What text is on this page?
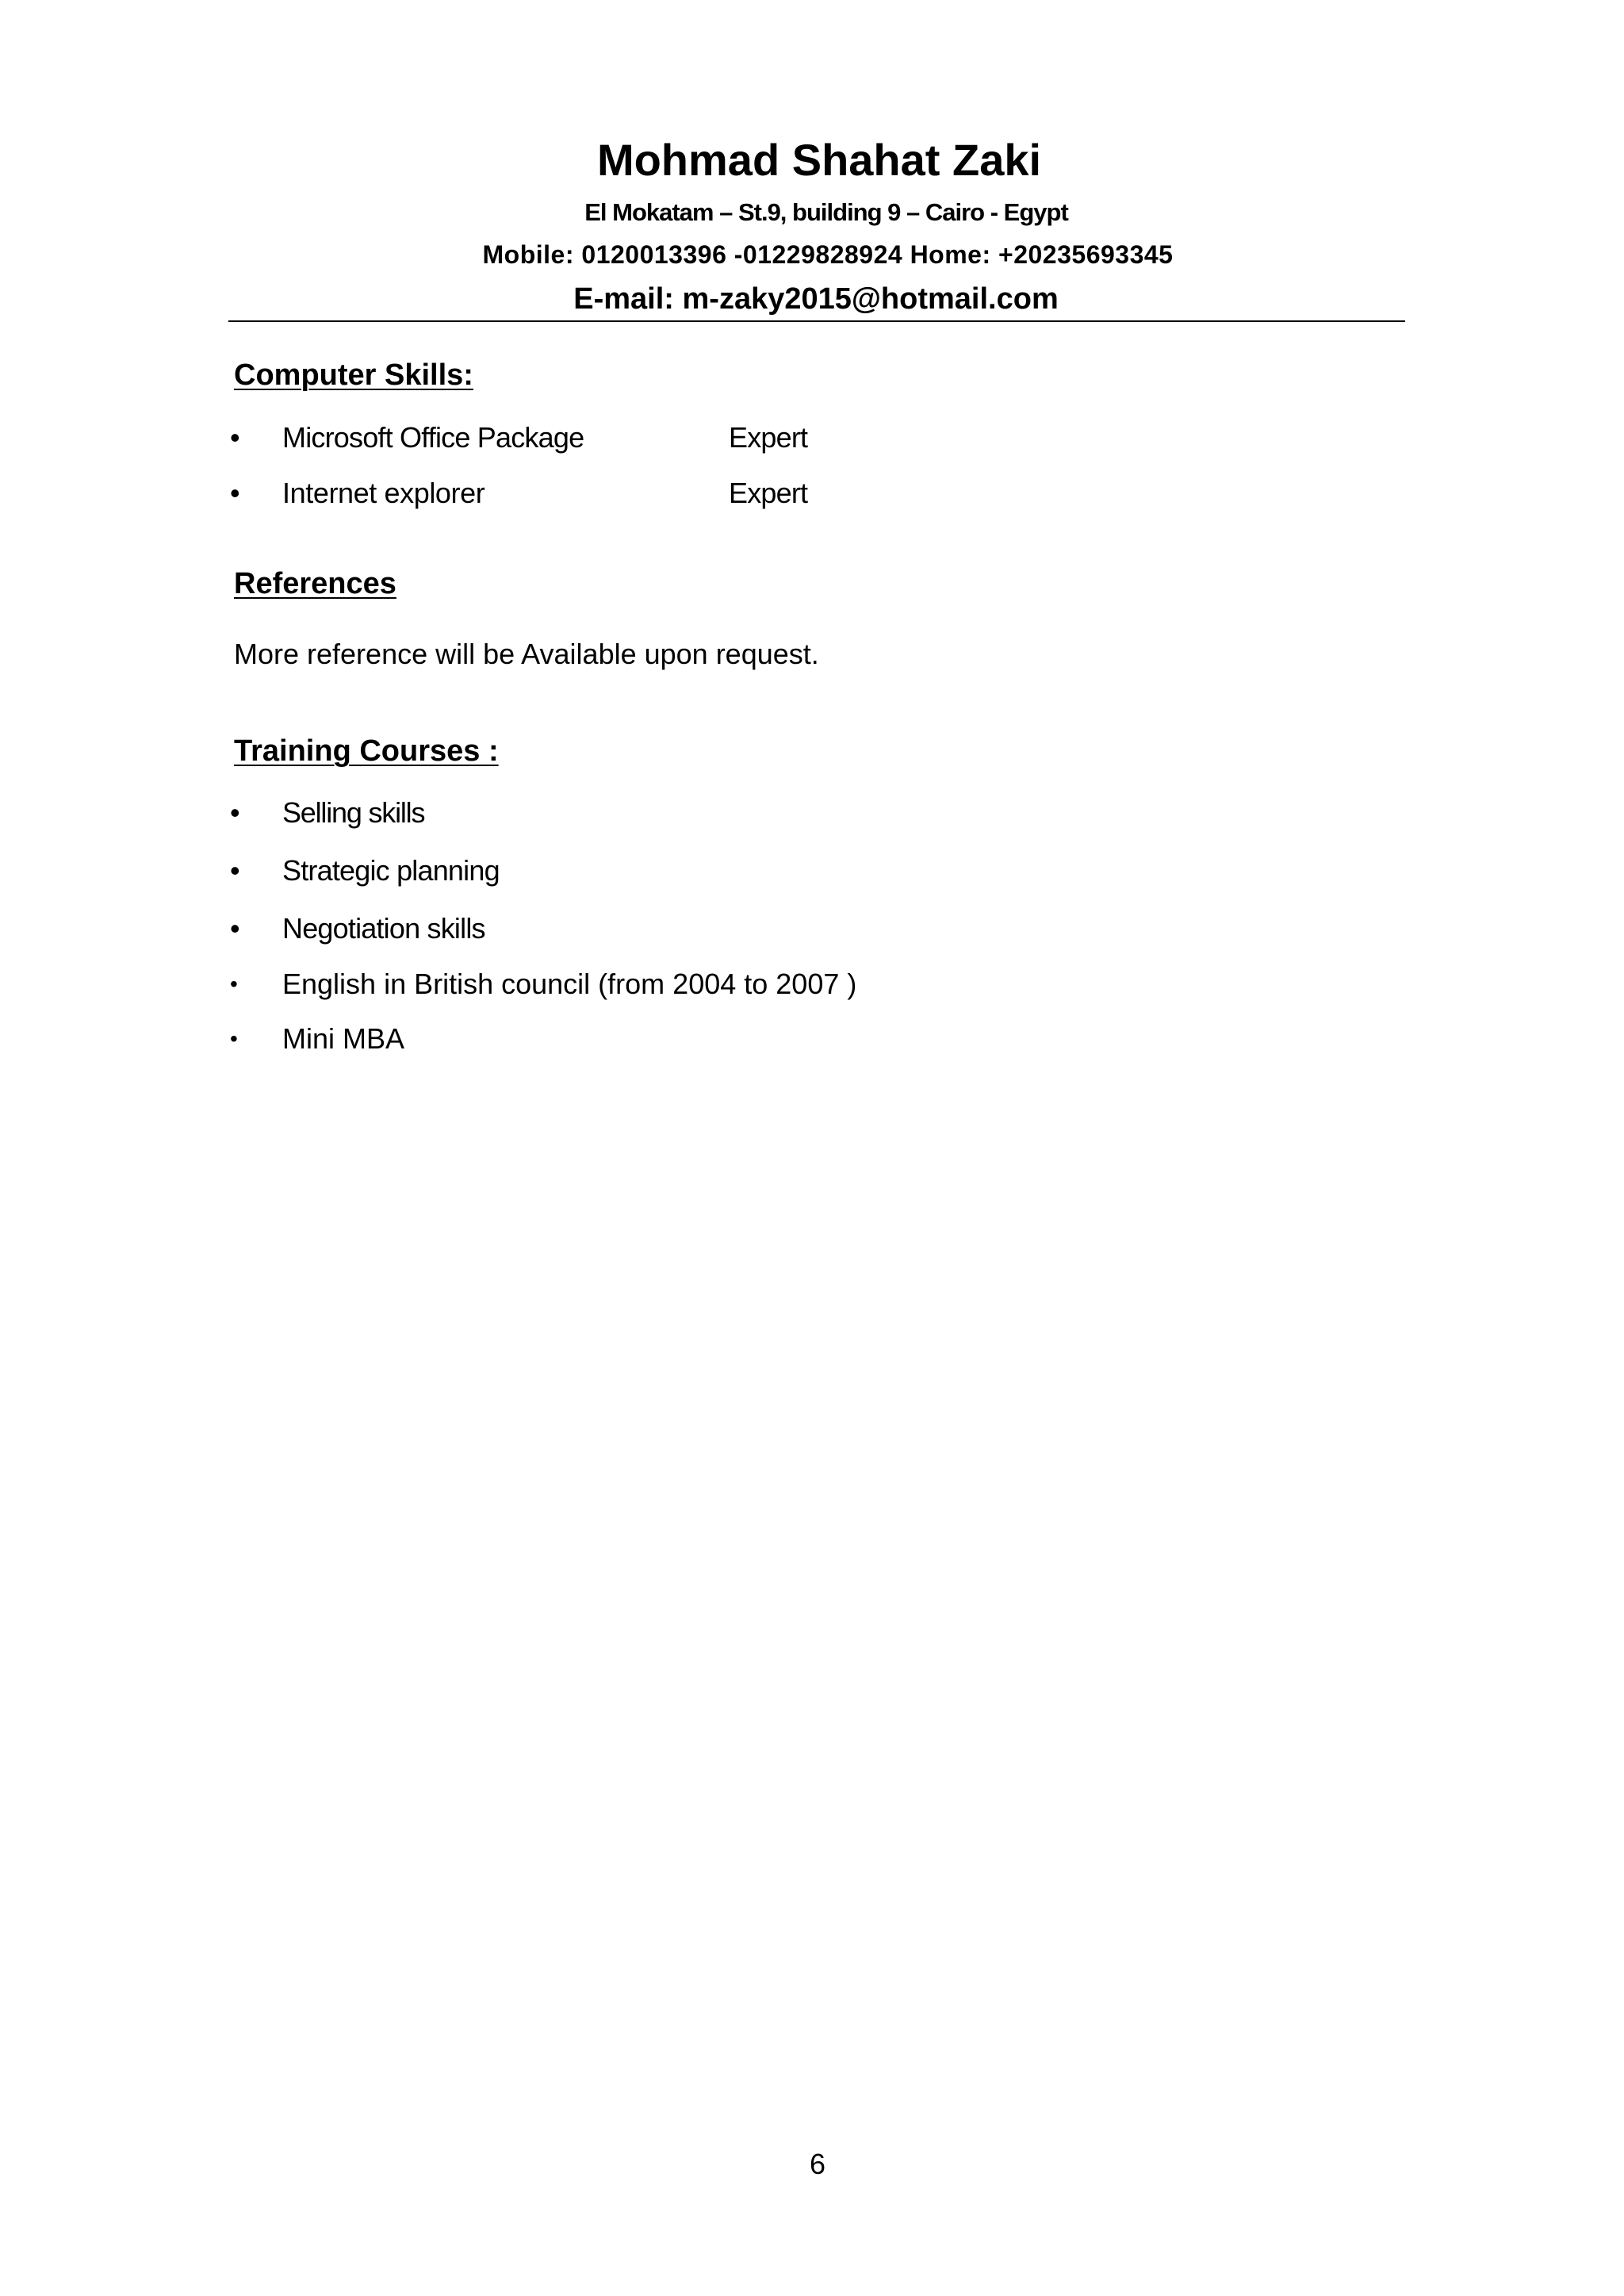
Mohmad Shahat Zaki
El Mokatam – St.9, building 9 – Cairo - Egypt
Mobile: 0120013396 -01229828924 Home: +20235693345
E-mail: m-zaky2015@hotmail.com
Computer Skills:
•	Microsoft Office Package	Expert
•	Internet explorer	Expert
References
More reference will be Available upon request.
Training Courses :
•	Selling skills
•	Strategic planning
•	Negotiation skills
•	English in British council (from 2004 to 2007 )
•	Mini MBA
6
